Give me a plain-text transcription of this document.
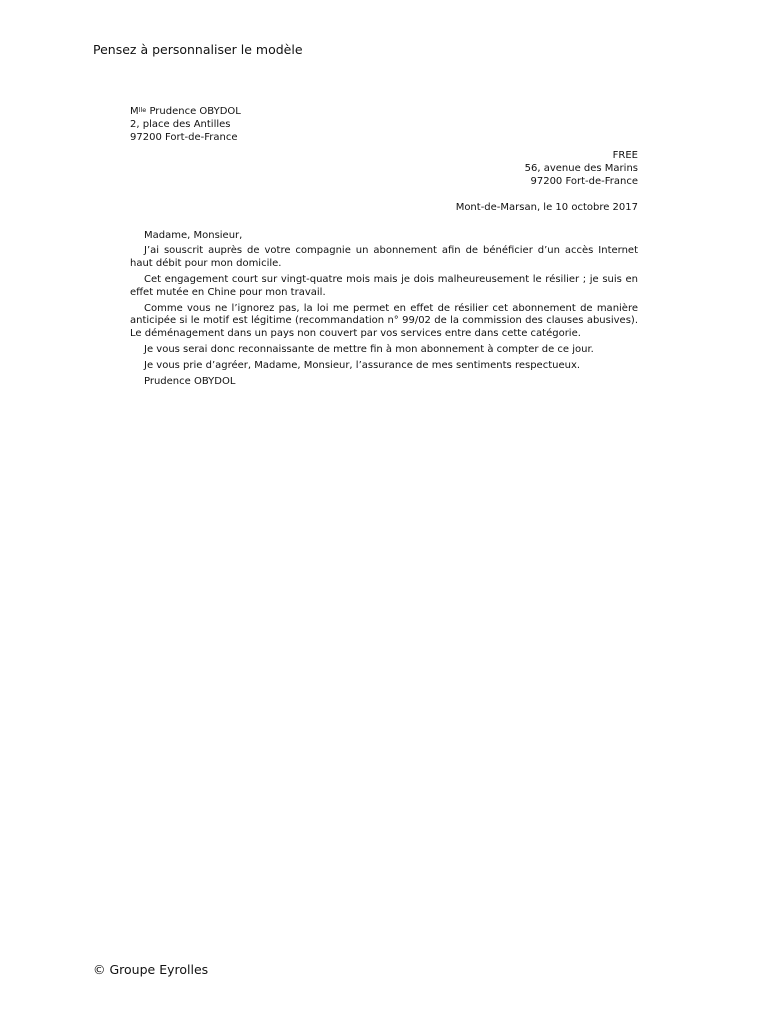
Pensez à personnaliser le modèle
$M^{lle}$ Prudence OBYDOL
2, place des Antilles
97200 Fort-de-France
FREE
56, avenue des Marins
97200 Fort-de-France
Mont-de-Marsan, le 10 octobre 2017
Madame, Monsieur,
J’ai souscrit auprès de votre compagnie un abonnement afin de bénéficier d’un accès Internet haut débit pour mon domicile.
Cet engagement court sur vingt-quatre mois mais je dois malheureusement le résilier ; je suis en effet mutée en Chine pour mon travail.
Comme vous ne l’ignorez pas, la loi me permet en effet de résilier cet abonnement de manière anticipée si le motif est légitime (recommandation n° 99/02 de la commission des clauses abusives). Le déménagement dans un pays non couvert par vos services entre dans cette catégorie.
Je vous serai donc reconnaissante de mettre fin à mon abonnement à compter de ce jour.
Je vous prie d’agréer, Madame, Monsieur, l’assurance de mes sentiments respectueux.
Prudence OBYDOL
© Groupe Eyrolles
